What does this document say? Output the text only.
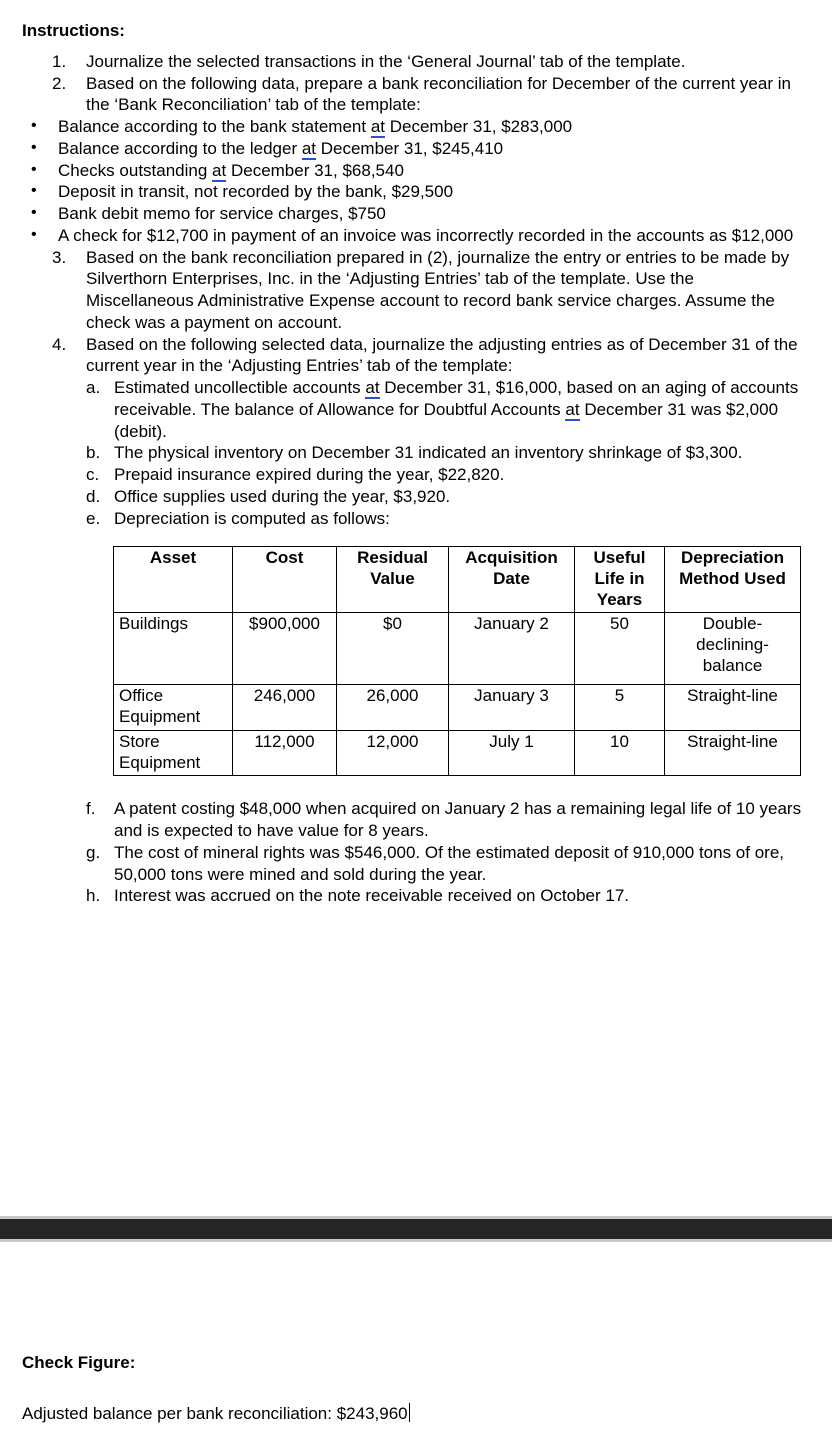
Instructions:
1.	Journalize the selected transactions in the ‘General Journal’ tab of the template.
2.	Based on the following data, prepare a bank reconciliation for December of the current year in the ‘Bank Reconciliation’ tab of the template:
• Balance according to the bank statement at December 31, $283,000
• Balance according to the ledger at December 31, $245,410
• Checks outstanding at December 31, $68,540
• Deposit in transit, not recorded by the bank, $29,500
• Bank debit memo for service charges, $750
• A check for $12,700 in payment of an invoice was incorrectly recorded in the accounts as $12,000
3.	Based on the bank reconciliation prepared in (2), journalize the entry or entries to be made by Silverthorn Enterprises, Inc. in the ‘Adjusting Entries’ tab of the template. Use the Miscellaneous Administrative Expense account to record bank service charges. Assume the check was a payment on account.
4.	Based on the following selected data, journalize the adjusting entries as of December 31 of the current year in the ‘Adjusting Entries’ tab of the template:
a. Estimated uncollectible accounts at December 31, $16,000, based on an aging of accounts receivable. The balance of Allowance for Doubtful Accounts at December 31 was $2,000 (debit).
b. The physical inventory on December 31 indicated an inventory shrinkage of $3,300.
c. Prepaid insurance expired during the year, $22,820.
d. Office supplies used during the year, $3,920.
e. Depreciation is computed as follows:
Asset	Cost	Residual Value	Acquisition Date	Useful Life in Years	Depreciation Method Used
Buildings	$900,000	$0	January 2	50	Double-declining-balance
Office Equipment	246,000	26,000	January 3	5	Straight-line
Store Equipment	112,000	12,000	July 1	10	Straight-line
f.	A patent costing $48,000 when acquired on January 2 has a remaining legal life of 10 years and is expected to have value for 8 years.
g. The cost of mineral rights was $546,000. Of the estimated deposit of 910,000 tons of ore, 50,000 tons were mined and sold during the year.
h. Interest was accrued on the note receivable received on October 17.

Check Figure:

Adjusted balance per bank reconciliation: $243,960
